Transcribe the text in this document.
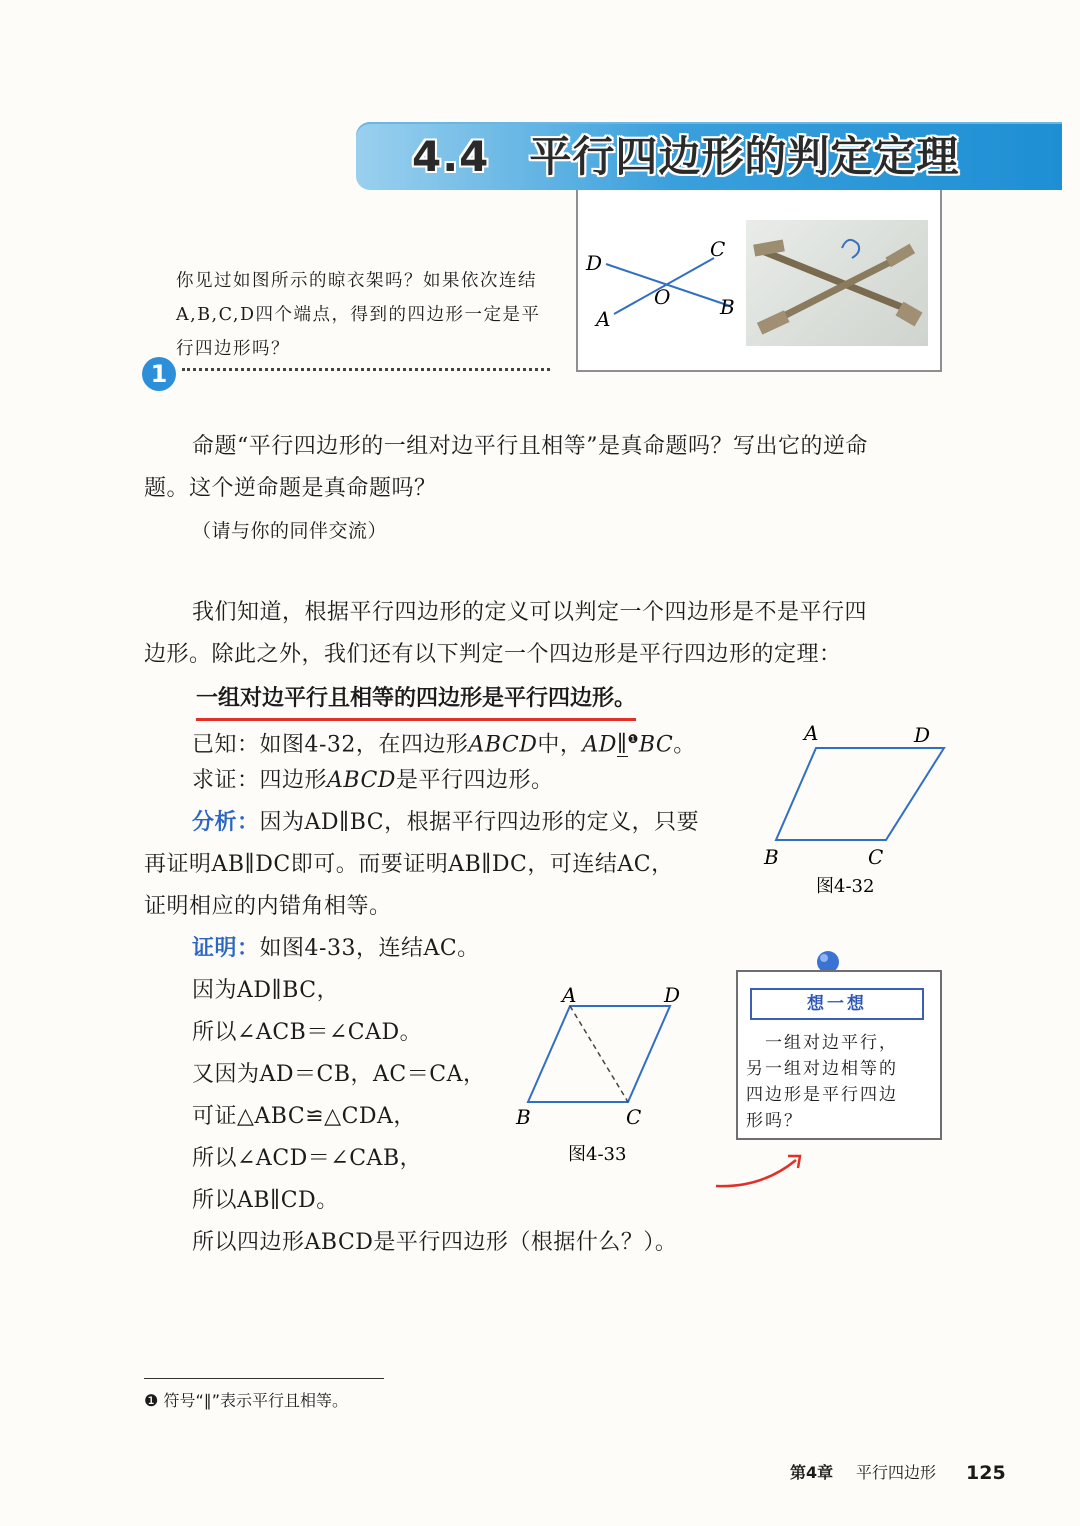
4.4 平行四边形的判定定理
D
A
C
B
O
你见过如图所示的晾衣架吗？如果依次连结A,B,C,D四个端点，得到的四边形一定是平行四边形吗？
1
命题“平行四边形的一组对边平行且相等”是真命题吗？写出它的逆命
题。这个逆命题是真命题吗？
（请与你的同伴交流）
我们知道，根据平行四边形的定义可以判定一个四边形是不是平行四
边形。除此之外，我们还有以下判定一个四边形是平行四边形的定理：
一组对边平行且相等的四边形是平行四边形。
已知：如图4-32，在四边形ABCD中，AD∥
$^❶$BC。
求证：四边形ABCD是平行四边形。
A	D
B	C
图4-32
分析：因为AD∥BC，根据平行四边形的定义，只要
再证明AB∥DC即可。而要证明AB∥DC，可连结AC，
证明相应的内错角相等。
证明：如图4-33，连结AC。
因为AD∥BC，
所以∠ACB＝∠CAD。
又因为AD＝CB，AC＝CA，
可证△ABC≌△CDA，
所以∠ACD＝∠CAB，
所以AB∥CD。
所以四边形ABCD是平行四边形（根据什么？）。
A	D
B	C
图4-33
想一想
　一组对边平行，
另一组对边相等的
四边形是平行四边
形吗？
❶ 符号“∥”表示平行且相等。
第4章 平行四边形 125
